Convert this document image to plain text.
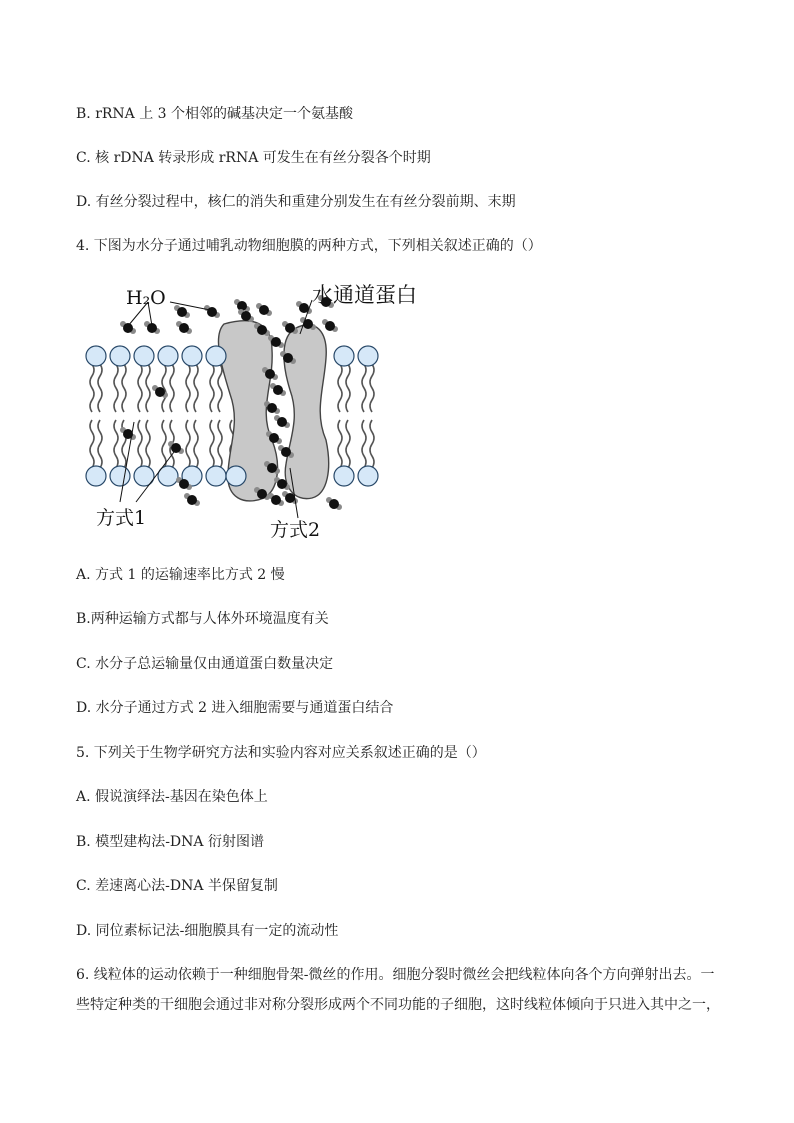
B. rRNA 上 3 个相邻的碱基决定一个氨基酸
C. 核 rDNA 转录形成 rRNA 可发生在有丝分裂各个时期
D. 有丝分裂过程中，核仁的消失和重建分别发生在有丝分裂前期、末期
4. 下图为水分子通过哺乳动物细胞膜的两种方式，下列相关叙述正确的（）
H₂O	水通道蛋白
方式1
方式2
A. 方式 1 的运输速率比方式 2 慢
B.两种运输方式都与人体外环境温度有关
C. 水分子总运输量仅由通道蛋白数量决定
D. 水分子通过方式 2 进入细胞需要与通道蛋白结合
5. 下列关于生物学研究方法和实验内容对应关系叙述正确的是（）
A. 假说演绎法-基因在染色体上
B. 模型建构法-DNA 衍射图谱
C. 差速离心法-DNA 半保留复制
D. 同位素标记法-细胞膜具有一定的流动性
6. 线粒体的运动依赖于一种细胞骨架-微丝的作用。细胞分裂时微丝会把线粒体向各个方向弹射出去。一些特定种类的干细胞会通过非对称分裂形成两个不同功能的子细胞，这时线粒体倾向于只进入其中之一，
